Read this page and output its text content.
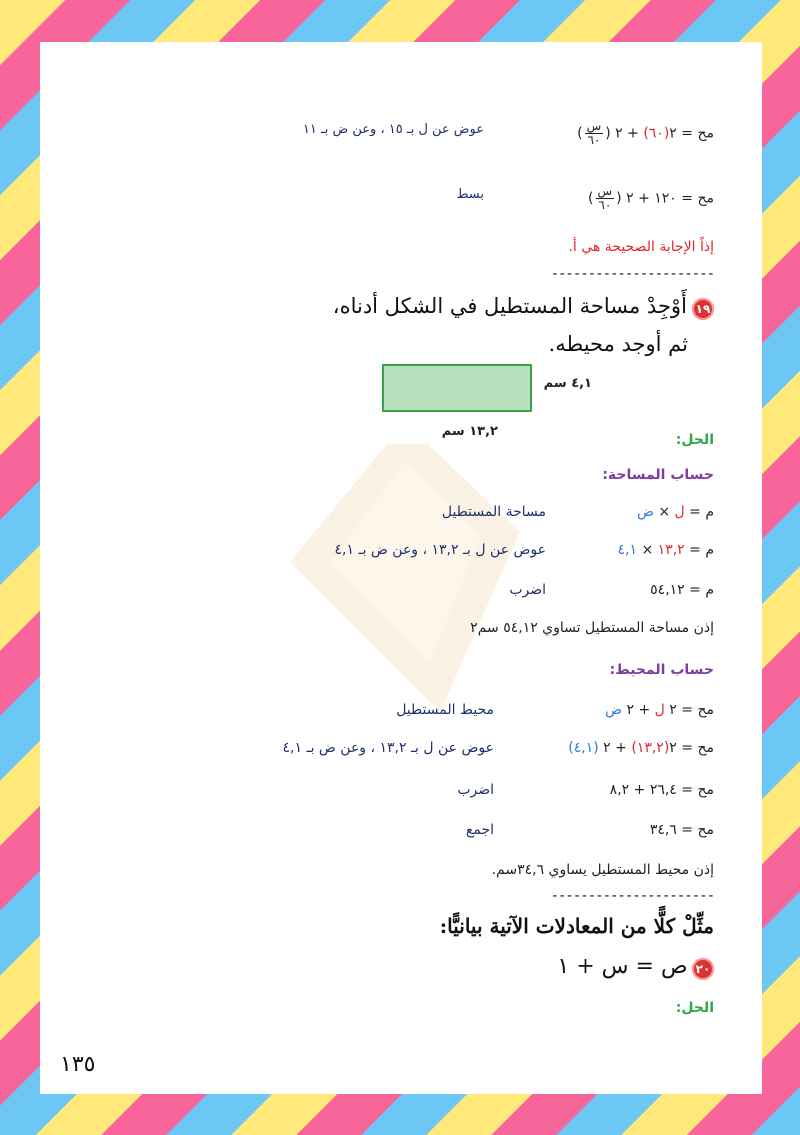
مح = ٢(٦٠) + ٢ (
$\frac{\text{س}}{٦٠}$
)
عوض عن ل بـ ١٥ ، وعن ض بـ ١١
مح = ١٢٠ + ٢ (
$\frac{\text{س}}{٦٠}$
)
بسط
إذاً الإجابة الصحيحة هي أ.
----------------------
١٩ أَوْجِدْ مساحة المستطيل في الشكل أدناه،
ثم أوجد محيطه.
٤,١ سم
١٣,٢ سم
الحل:
حساب المساحة:
م = ل × ض
مساحة المستطيل
م = ١٣,٢ × ٤,١
عوض عن ل بـ ١٣,٢ ، وعن ض بـ ٤,١
م = ٥٤,١٢
اضرب
إذن مساحة المستطيل تساوي ٥٤,١٢ سم٢
حساب المحيط:
مح = ٢ ل + ٢ ض
محيط المستطيل
مح = ٢(١٣,٢) + ٢ (٤,١)
عوض عن ل بـ ١٣,٢ ، وعن ض بـ ٤,١
مح = ٢٦,٤ + ٨,٢
اضرب
مح = ٣٤,٦
اجمع
إذن محيط المستطيل يساوي ٣٤,٦سم.
----------------------
مثِّلْ كلًّا من المعادلات الآتية بيانيًّا:
٢٠ ص = س + ١
الحل:
١٣٥
